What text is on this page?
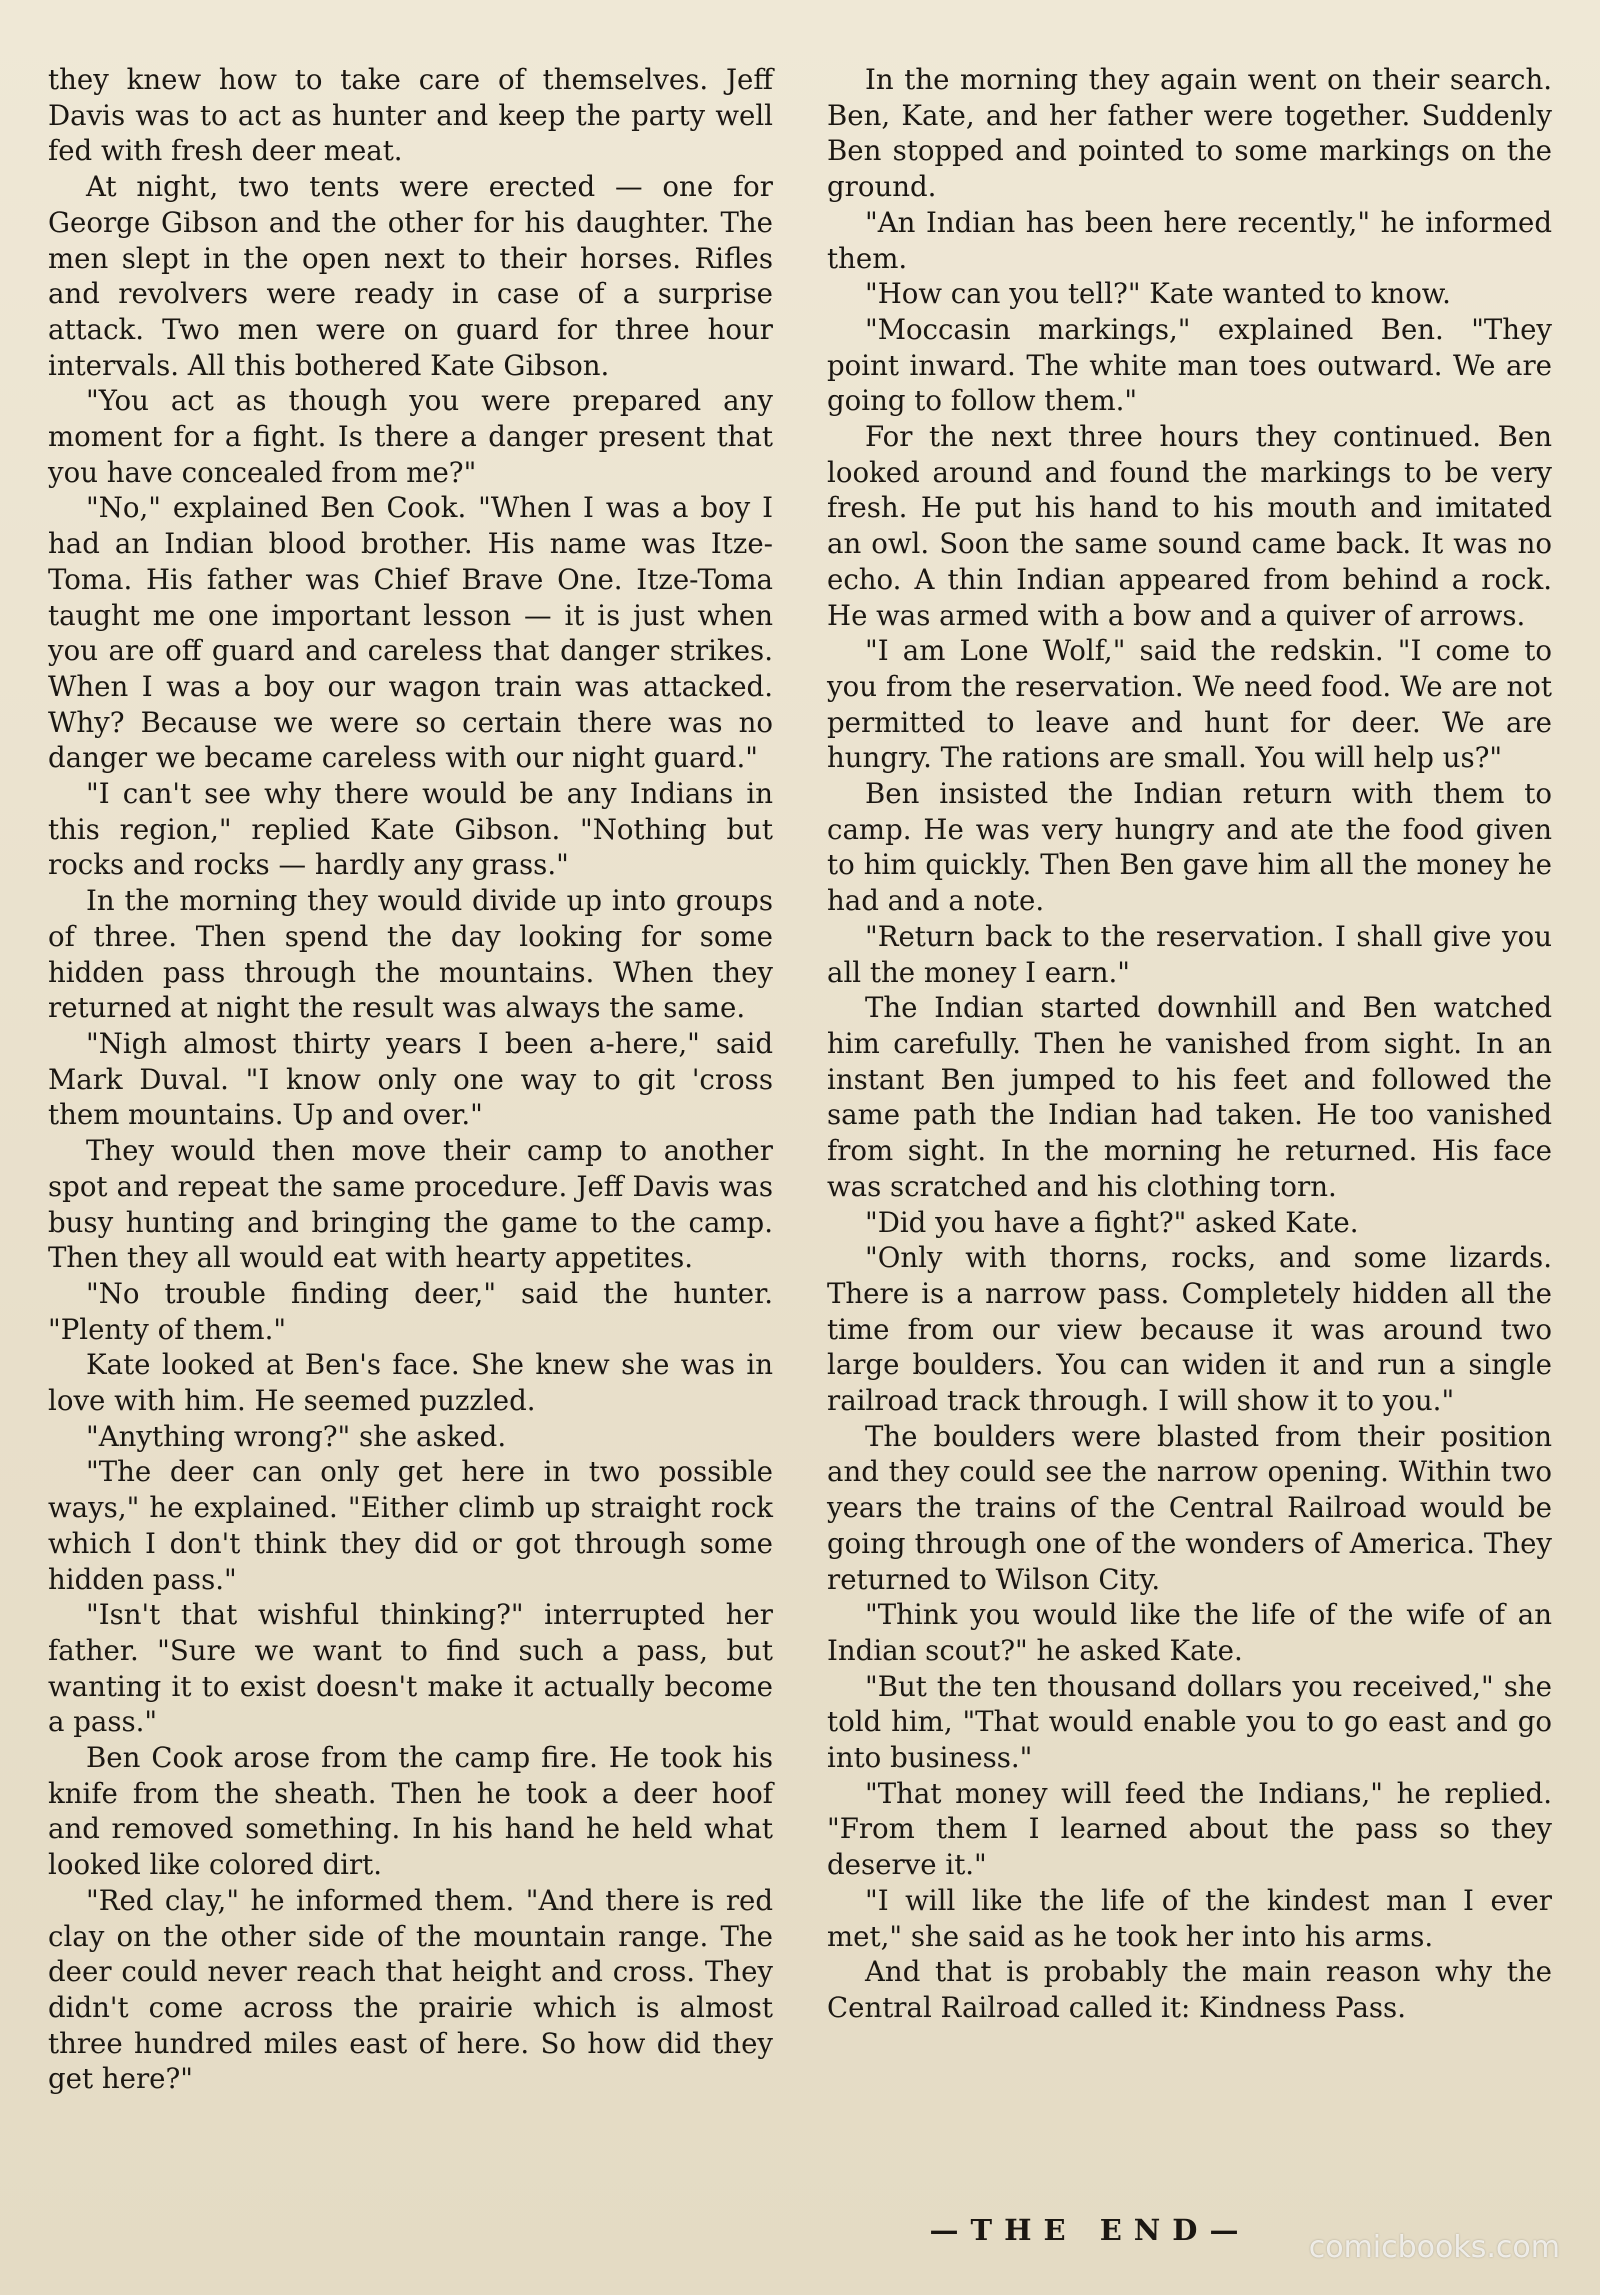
they knew how to take care of themselves. Jeff Davis was to act as hunter and keep the party well fed with fresh deer meat.

At night, two tents were erected — one for George Gibson and the other for his daughter. The men slept in the open next to their horses. Rifles and revolvers were ready in case of a surprise attack. Two men were on guard for three hour intervals. All this bothered Kate Gibson.

"You act as though you were prepared any moment for a fight. Is there a danger present that you have concealed from me?"

"No," explained Ben Cook. "When I was a boy I had an Indian blood brother. His name was Itze-Toma. His father was Chief Brave One. Itze-Toma taught me one important lesson — it is just when you are off guard and careless that danger strikes. When I was a boy our wagon train was attacked. Why? Because we were so certain there was no danger we became careless with our night guard."

"I can't see why there would be any Indians in this region," replied Kate Gibson. "Nothing but rocks and rocks — hardly any grass."

In the morning they would divide up into groups of three. Then spend the day looking for some hidden pass through the mountains. When they returned at night the result was always the same.

"Nigh almost thirty years I been a-here," said Mark Duval. "I know only one way to git 'cross them mountains. Up and over."

They would then move their camp to another spot and repeat the same procedure. Jeff Davis was busy hunting and bringing the game to the camp. Then they all would eat with hearty appetites.

"No trouble finding deer," said the hunter. "Plenty of them."

Kate looked at Ben's face. She knew she was in love with him. He seemed puzzled.

"Anything wrong?" she asked.

"The deer can only get here in two possible ways," he explained. "Either climb up straight rock which I don't think they did or got through some hidden pass."

"Isn't that wishful thinking?" interrupted her father. "Sure we want to find such a pass, but wanting it to exist doesn't make it actually become a pass."

Ben Cook arose from the camp fire. He took his knife from the sheath. Then he took a deer hoof and removed something. In his hand he held what looked like colored dirt.

"Red clay," he informed them. "And there is red clay on the other side of the mountain range. The deer could never reach that height and cross. They didn't come across the prairie which is almost three hundred miles east of here. So how did they get here?"

In the morning they again went on their search. Ben, Kate, and her father were together. Suddenly Ben stopped and pointed to some markings on the ground.

"An Indian has been here recently," he informed them.

"How can you tell?" Kate wanted to know.

"Moccasin markings," explained Ben. "They point inward. The white man toes outward. We are going to follow them."

For the next three hours they continued. Ben looked around and found the markings to be very fresh. He put his hand to his mouth and imitated an owl. Soon the same sound came back. It was no echo. A thin Indian appeared from behind a rock. He was armed with a bow and a quiver of arrows.

"I am Lone Wolf," said the redskin. "I come to you from the reservation. We need food. We are not permitted to leave and hunt for deer. We are hungry. The rations are small. You will help us?"

Ben insisted the Indian return with them to camp. He was very hungry and ate the food given to him quickly. Then Ben gave him all the money he had and a note.

"Return back to the reservation. I shall give you all the money I earn."

The Indian started downhill and Ben watched him carefully. Then he vanished from sight. In an instant Ben jumped to his feet and followed the same path the Indian had taken. He too vanished from sight. In the morning he returned. His face was scratched and his clothing torn.

"Did you have a fight?" asked Kate.

"Only with thorns, rocks, and some lizards. There is a narrow pass. Completely hidden all the time from our view because it was around two large boulders. You can widen it and run a single railroad track through. I will show it to you."

The boulders were blasted from their position and they could see the narrow opening. Within two years the trains of the Central Railroad would be going through one of the wonders of America. They returned to Wilson City.

"Think you would like the life of the wife of an Indian scout?" he asked Kate.

"But the ten thousand dollars you received," she told him, "That would enable you to go east and go into business."

"That money will feed the Indians," he replied. "From them I learned about the pass so they deserve it."

"I will like the life of the kindest man I ever met," she said as he took her into his arms.

And that is probably the main reason why the Central Railroad called it: Kindness Pass.

—THE END— comicbooks.com
